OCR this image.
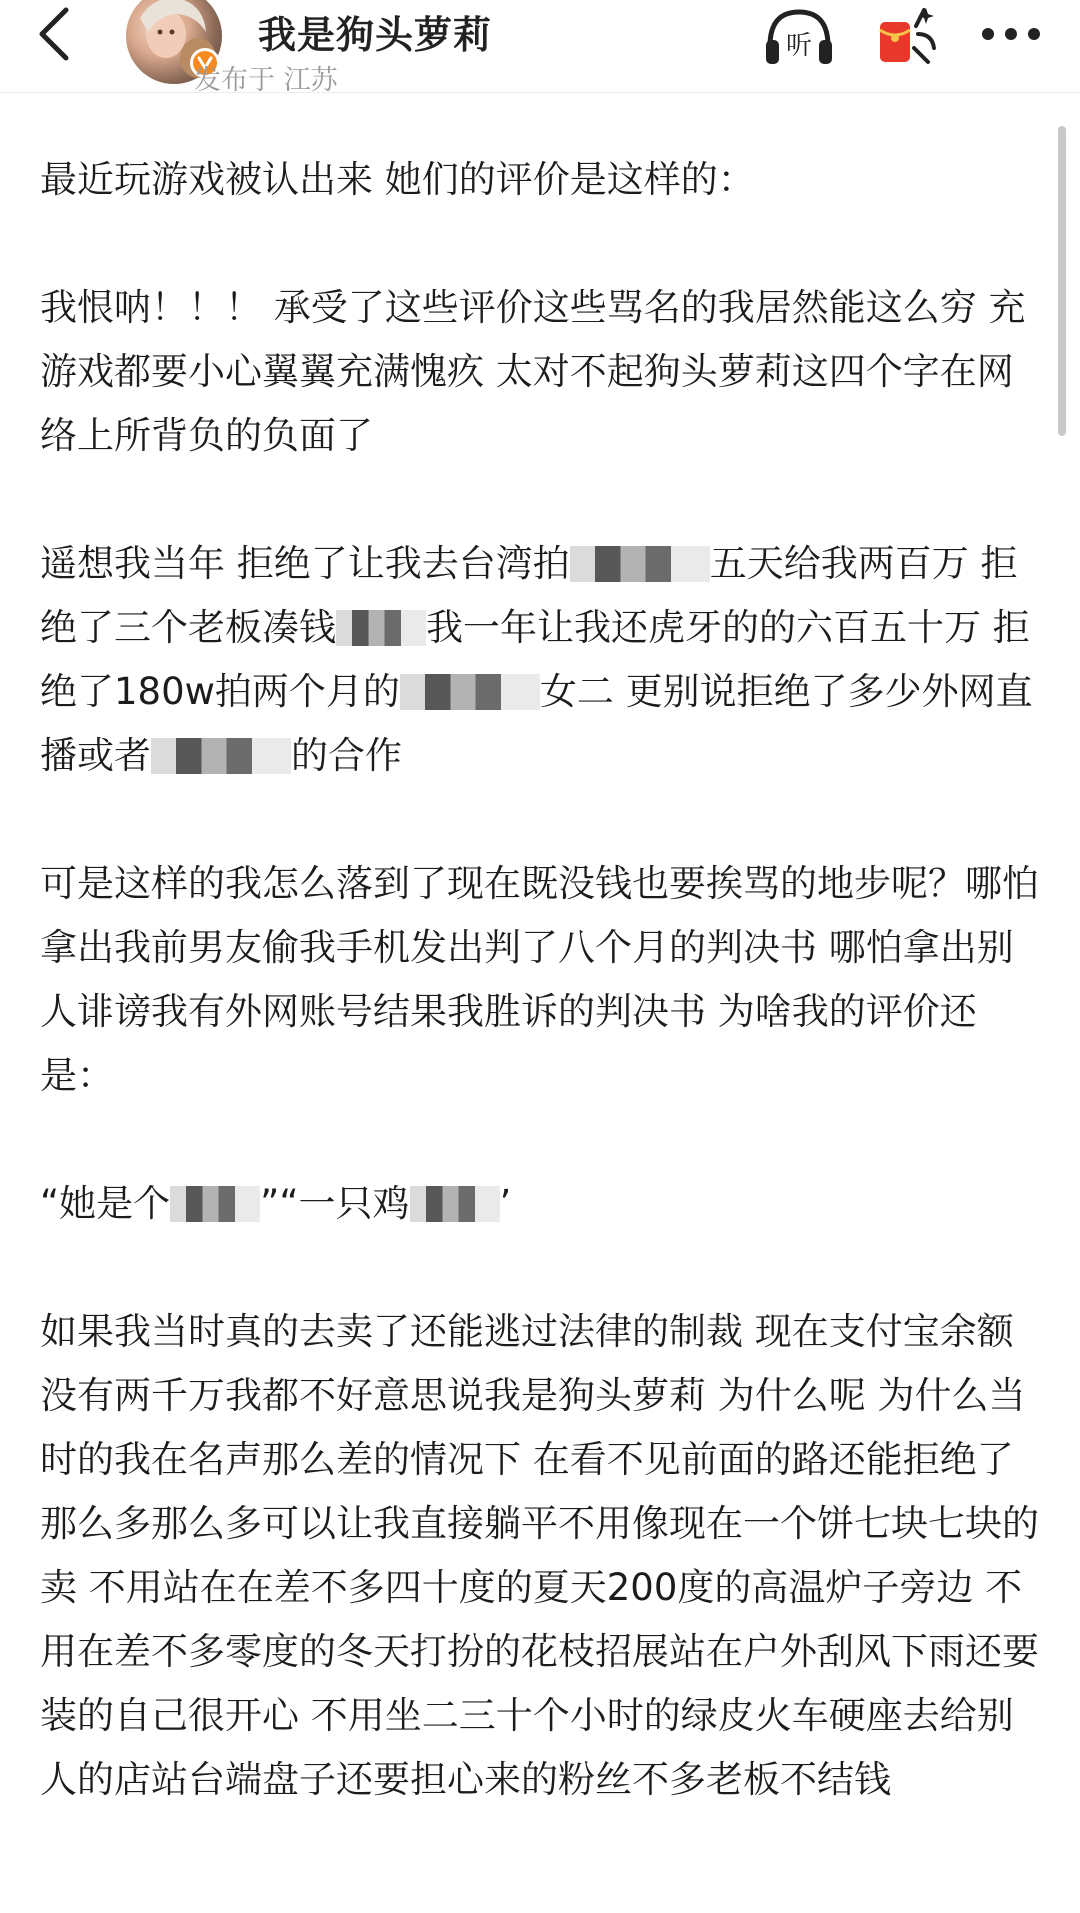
我是狗头萝莉	听
发布于 江苏

最近玩游戏被认出来 她们的评价是这样的：

我恨呐！！！ 承受了这些评价这些骂名的我居然能这么穷 充游戏都要小心翼翼充满愧疚 太对不起狗头萝莉这四个字在网络上所背负的负面了

遥想我当年 拒绝了让我去台湾拍	五天给我两百万 拒绝了三个老板凑钱 我一年让我还虎牙的的六百五十万 拒绝了180w拍两个月的	女二 更别说拒绝了多少外网直播或者	的合作

可是这样的我怎么落到了现在既没钱也要挨骂的地步呢？哪怕拿出我前男友偷我手机发出判了八个月的判决书 哪怕拿出别人诽谤我有外网账号结果我胜诉的判决书 为啥我的评价还是：

“她是个 ”“一只鸡 ’

如果我当时真的去卖了还能逃过法律的制裁 现在支付宝余额没有两千万我都不好意思说我是狗头萝莉 为什么呢 为什么当时的我在名声那么差的情况下 在看不见前面的路还能拒绝了那么多那么多可以让我直接躺平不用像现在一个饼七块七块的卖 不用站在在差不多四十度的夏天200度的高温炉子旁边 不用在差不多零度的冬天打扮的花枝招展站在户外刮风下雨还要装的自己很开心 不用坐二三十个小时的绿皮火车硬座去给别人的店站台端盘子还要担心来的粉丝不多老板不结钱
